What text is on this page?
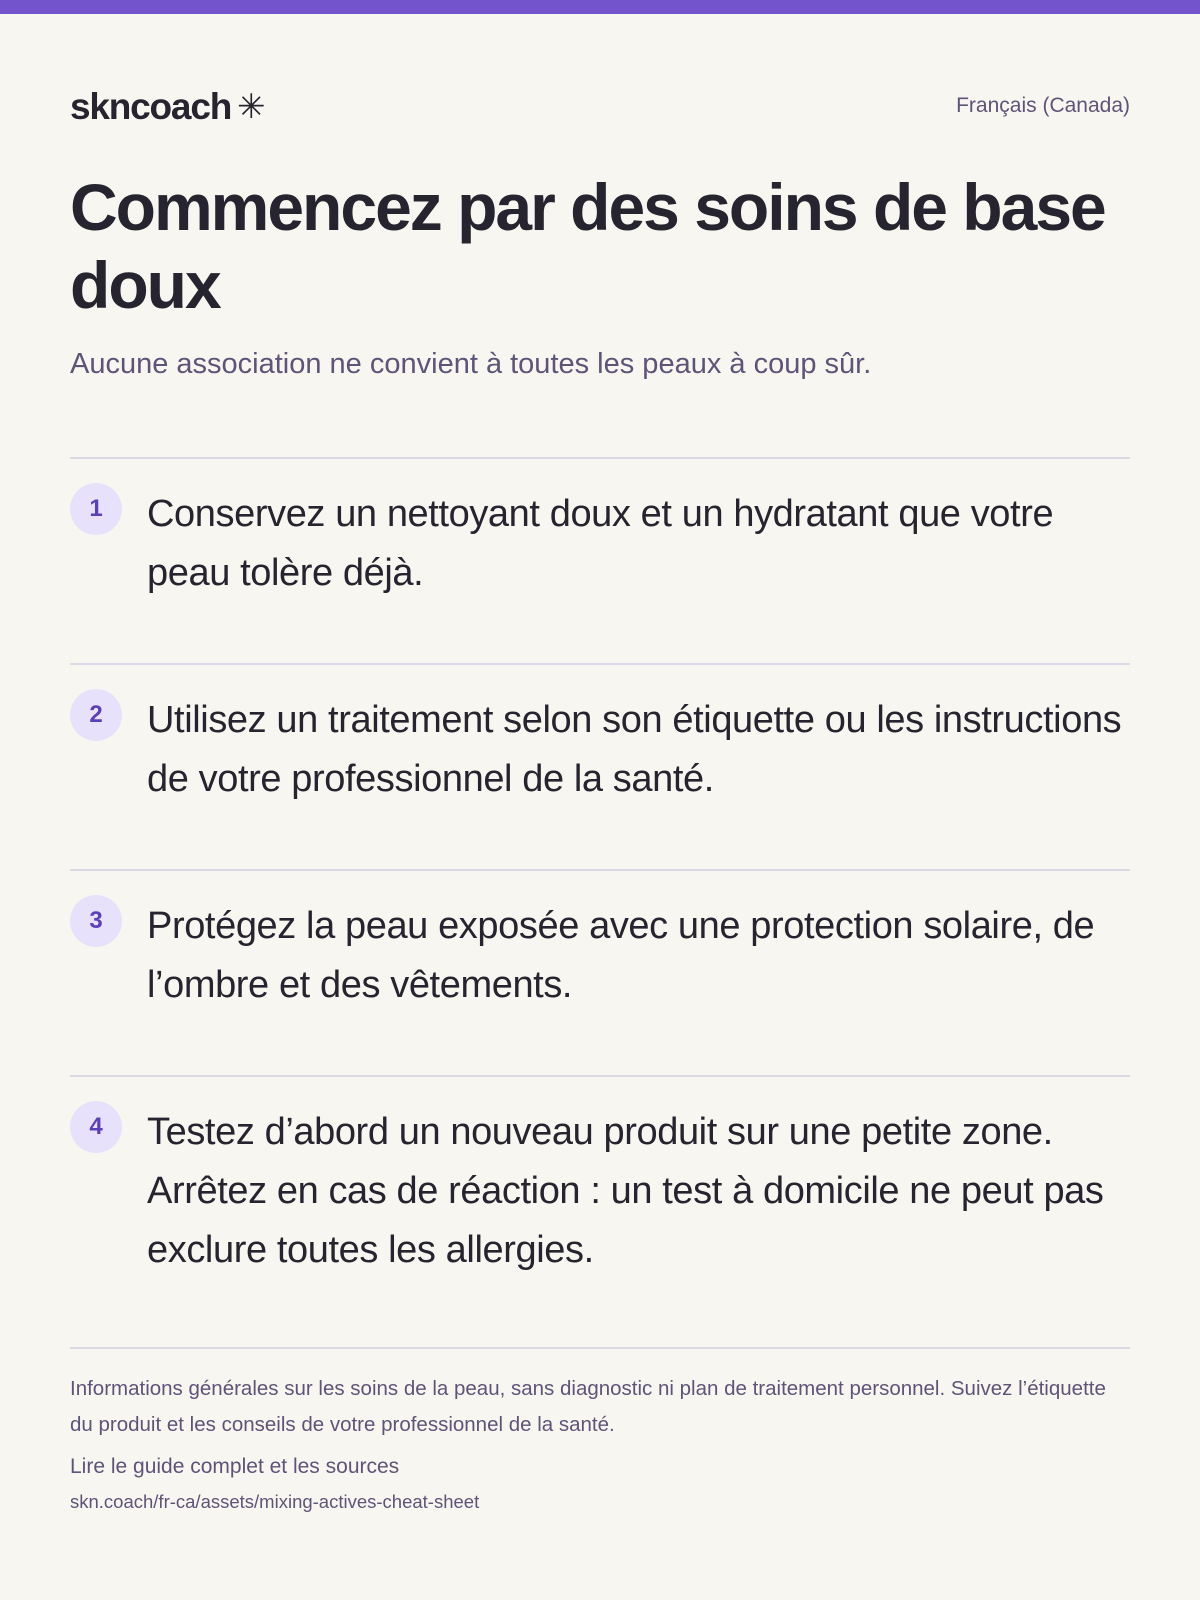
skncoach ✳	Français (Canada)
Commencez par des soins de base doux

Aucune association ne convient à toutes les peaux à coup sûr.

1	Conservez un nettoyant doux et un hydratant que votre peau tolère déjà.

2	Utilisez un traitement selon son étiquette ou les instructions de votre professionnel de la santé.

3	Protégez la peau exposée avec une protection solaire, de l’ombre et des vêtements.

4	Testez d’abord un nouveau produit sur une petite zone. Arrêtez en cas de réaction : un test à domicile ne peut pas exclure toutes les allergies.

Informations générales sur les soins de la peau, sans diagnostic ni plan de traitement personnel. Suivez l’étiquette du produit et les conseils de votre professionnel de la santé.

Lire le guide complet et les sources
skn.coach/fr-ca/assets/mixing-actives-cheat-sheet
